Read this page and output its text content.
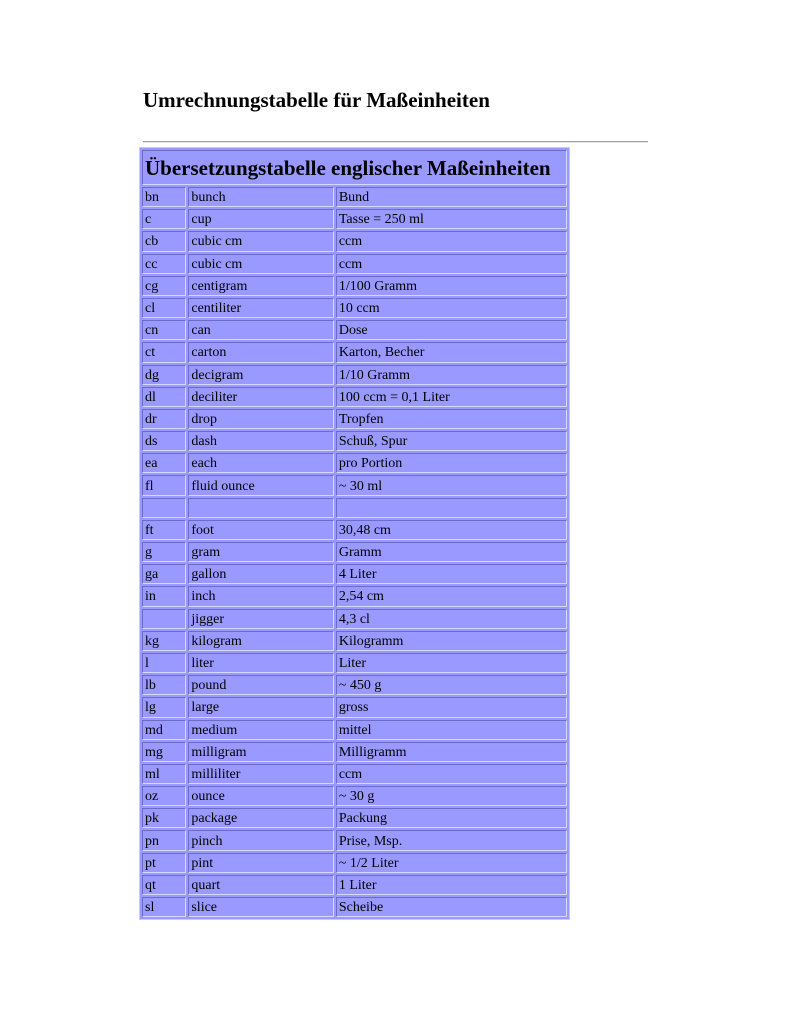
Umrechnungstabelle für Maßeinheiten
Übersetzungstabelle englischer Maßeinheiten		
bn	bunch	Bund
c	cup	Tasse = 250 ml
cb	cubic cm	ccm
cc	cubic cm	ccm
cg	centigram	1/100 Gramm
cl	centiliter	10 ccm
cn	can	Dose
ct	carton	Karton, Becher
dg	decigram	1/10 Gramm
dl	deciliter	100 ccm = 0,1 Liter
dr	drop	Tropfen
ds	dash	Schuß, Spur
ea	each	pro Portion
fl	fluid ounce	~ 30 ml

ft	foot	30,48 cm
g	gram	Gramm
ga	gallon	4 Liter
in	inch	2,54 cm
	jigger	4,3 cl
kg	kilogram	Kilogramm
l	liter	Liter
lb	pound	~ 450 g
lg	large	gross
md	medium	mittel
mg	milligram	Milligramm
ml	milliliter	ccm
oz	ounce	~ 30 g
pk	package	Packung
pn	pinch	Prise, Msp.
pt	pint	~ 1/2 Liter
qt	quart	1 Liter
sl	slice	Scheibe
